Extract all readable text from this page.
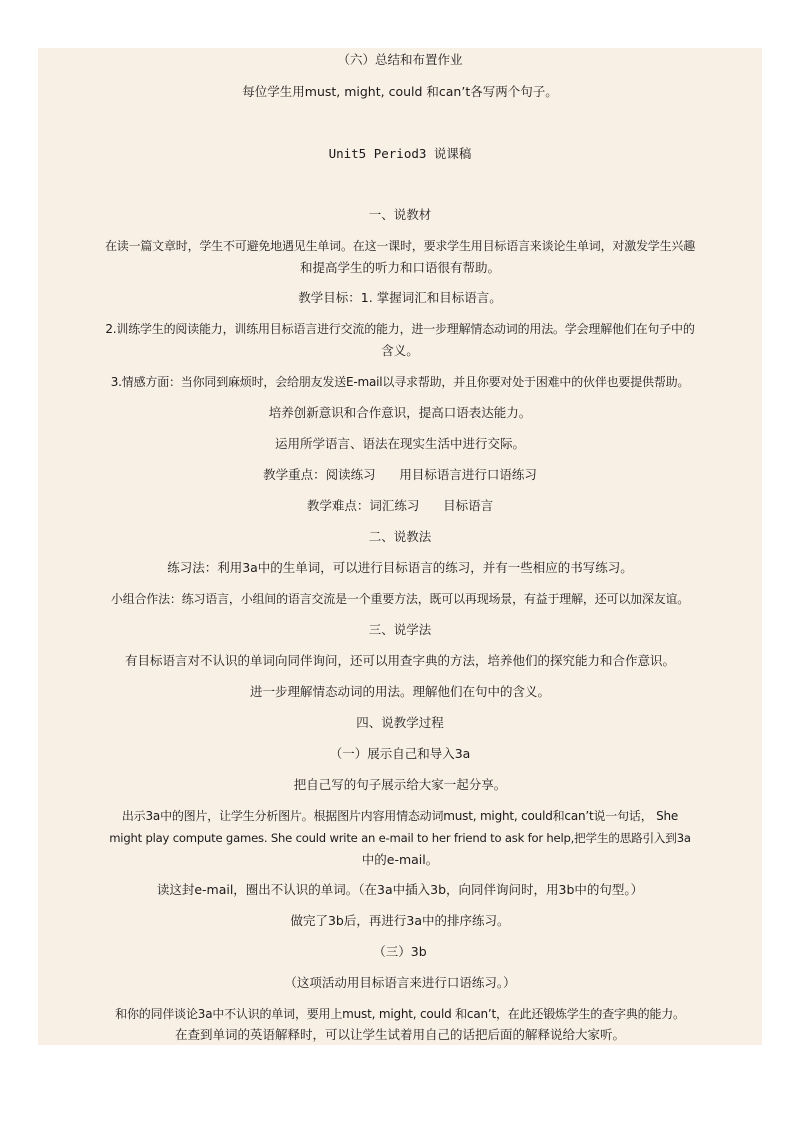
（六）总结和布置作业
每位学生用must, might, could 和can’t各写两个句子。
Unit5 Period3 说课稿
一、说教材
在读一篇文章时，学生不可避免地遇见生单词。在这一课时，要求学生用目标语言来谈论生单词，对激发学生兴趣
和提高学生的听力和口语很有帮助。
教学目标：1. 掌握词汇和目标语言。
2.训练学生的阅读能力，训练用目标语言进行交流的能力，进一步理解情态动词的用法。学会理解他们在句子中的
含义。
3.情感方面：当你同到麻烦时，会给朋友发送E-mail以寻求帮助，并且你要对处于困难中的伙伴也要提供帮助。
培养创新意识和合作意识，提高口语表达能力。
运用所学语言、语法在现实生活中进行交际。
教学重点：阅读练习      用目标语言进行口语练习
教学难点：词汇练习      目标语言
二、说教法
练习法：利用3a中的生单词，可以进行目标语言的练习，并有一些相应的书写练习。
小组合作法：练习语言，小组间的语言交流是一个重要方法，既可以再现场景，有益于理解，还可以加深友谊。
三、说学法
有目标语言对不认识的单词向同伴询问，还可以用查字典的方法，培养他们的探究能力和合作意识。
进一步理解情态动词的用法。理解他们在句中的含义。
四、说教学过程
（一）展示自己和导入3a
把自己写的句子展示给大家一起分享。
出示3a中的图片，让学生分析图片。根据图片内容用情态动词must, might, could和can’t说一句话， She
might play compute games. She could write an e-mail to her friend to ask for help,把学生的思路引入到3a
中的e-mail。
读这封e-mail，圈出不认识的单词。（在3a中插入3b，向同伴询问时，用3b中的句型。）
做完了3b后，再进行3a中的排序练习。
（三）3b
（这项活动用目标语言来进行口语练习。）
和你的同伴谈论3a中不认识的单词，要用上must, might, could 和can’t，在此还锻炼学生的查字典的能力。
在查到单词的英语解释时，可以让学生试着用自己的话把后面的解释说给大家听。
